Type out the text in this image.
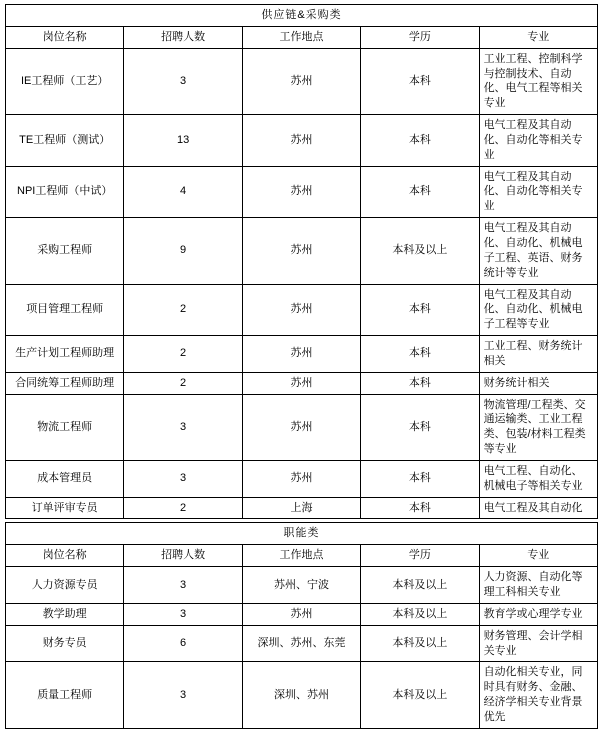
供应链&采购类				
岗位名称	招聘人数	工作地点	学历	专业
IE工程师（工艺）	3	苏州	本科	工业工程、控制科学与控制技术、自动化、电气工程等相关专业
TE工程师（测试）	13	苏州	本科	电气工程及其自动化、自动化等相关专业
NPI工程师（中试）	4	苏州	本科	电气工程及其自动化、自动化等相关专业
采购工程师	9	苏州	本科及以上	电气工程及其自动化、自动化、机械电子工程、英语、财务统计等专业
项目管理工程师	2	苏州	本科	电气工程及其自动化、自动化、机械电子工程等专业
生产计划工程师助理	2	苏州	本科	工业工程、财务统计相关
合同统筹工程师助理	2	苏州	本科	财务统计相关
物流工程师	3	苏州	本科	物流管理/工程类、交通运输类、工业工程类、包装/材料工程类等专业
成本管理员	3	苏州	本科	电气工程、自动化、机械电子等相关专业
订单评审专员	2	上海	本科	电气工程及其自动化
职能类				
岗位名称	招聘人数	工作地点	学历	专业
人力资源专员	3	苏州、宁波	本科及以上	人力资源、自动化等理工科相关专业
教学助理	3	苏州	本科及以上	教育学或心理学专业
财务专员	6	深圳、苏州、东莞	本科及以上	财务管理、会计学相关专业
质量工程师	3	深圳、苏州	本科及以上	自动化相关专业，同时具有财务、金融、经济学相关专业背景优先
